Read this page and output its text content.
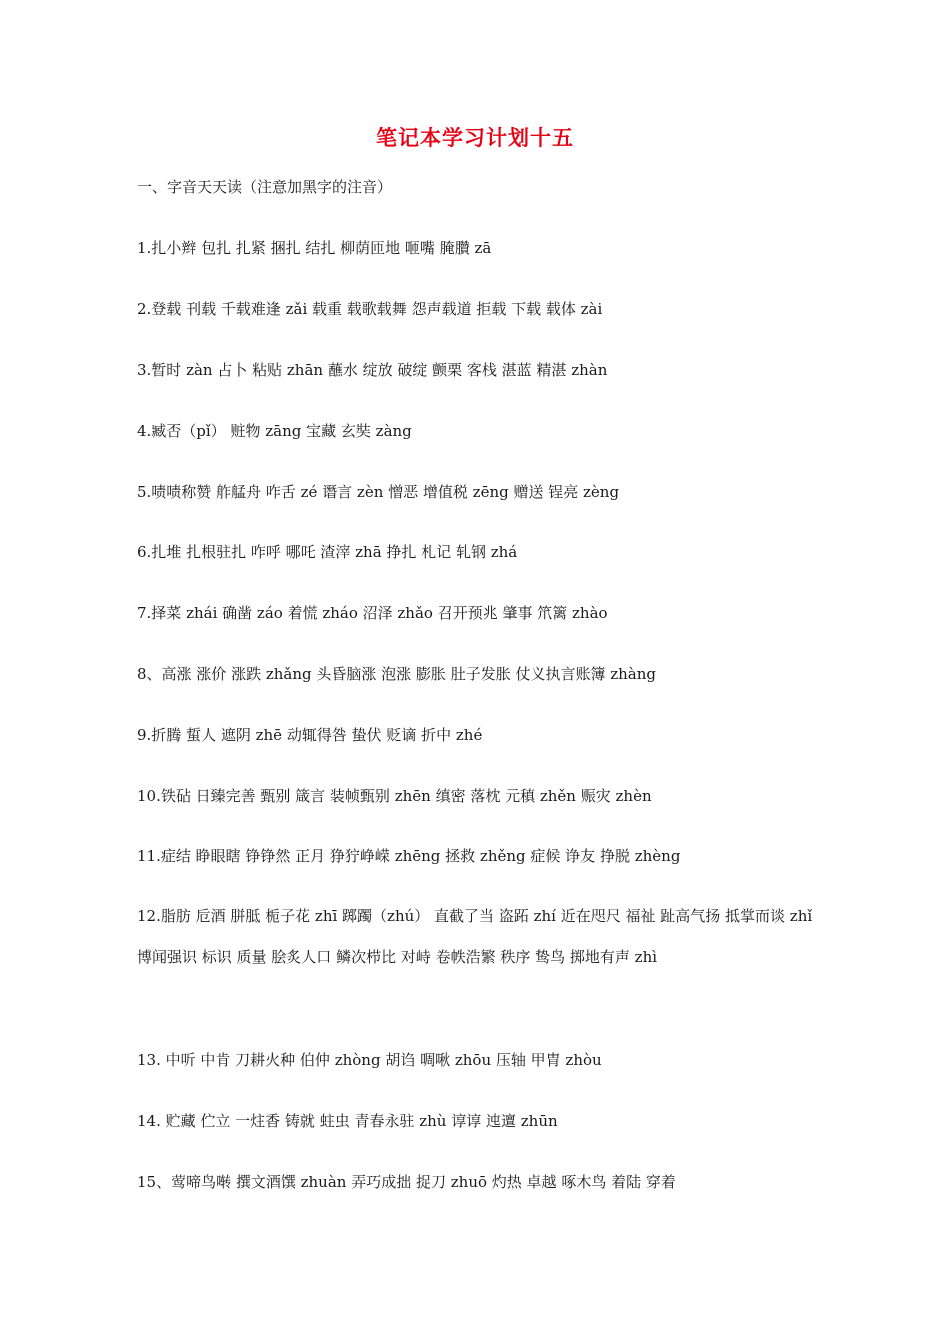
笔记本学习计划十五
一、字音天天读（注意加黑字的注音）
1.扎小辫 包扎 扎紧 捆扎 结扎 柳荫匝地 咂嘴 腌臢 zā
2.登载 刊载 千载难逢 zǎi 载重 载歌载舞 怨声载道 拒载 下载 载体 zài
3.暂时 zàn 占卜 粘贴 zhān 蘸水 绽放 破绽 颤栗 客栈 湛蓝 精湛 zhàn
4.臧否（pǐ） 赃物 zāng 宝藏 玄奘 zàng
5.啧啧称赞 舴艋舟 咋舌 zé 谮言 zèn 憎恶 增值税 zēng 赠送 锃亮 zèng
6.扎堆 扎根驻扎 咋呼 哪吒 渣滓 zhā 挣扎 札记 轧钢 zhá
7.择菜 zhái 确凿 záo 着慌 zháo 沼泽 zhǎo 召开预兆 肇事 笊篱 zhào
8、高涨 涨价 涨跌 zhǎng 头昏脑涨 泡涨 膨胀 肚子发胀 仗义执言账簿 zhàng
9.折腾 蜇人 遮阴 zhē 动辄得咎 蛰伏 贬谪 折中 zhé
10.铁砧 日臻完善 甄别 箴言 装帧甄别 zhēn 缜密 落枕 元稹 zhěn 赈灾 zhèn
11.症结 睁眼瞎 铮铮然 正月 狰狞峥嵘 zhēng 拯救 zhěng 症候 诤友 挣脱 zhèng
12.脂肪 卮酒 胼胝 栀子花 zhī 踯躅（zhú） 直截了当 盗跖 zhí 近在咫尺 福祉 趾高气扬 抵掌而谈 zhǐ 博闻强识 标识 质量 脍炙人口 鳞次栉比 对峙 卷帙浩繁 秩序 鸷鸟 掷地有声 zhì
13. 中听 中肯 刀耕火种 伯仲 zhòng 胡诌 啁啾 zhōu 压轴 甲胄 zhòu
14. 贮藏 伫立 一炷香 铸就 蛀虫 青春永驻 zhù 谆谆 迍邅 zhūn
15、莺啼鸟啭 撰文酒馔 zhuàn 弄巧成拙 捉刀 zhuō 灼热 卓越 啄木鸟 着陆 穿着
